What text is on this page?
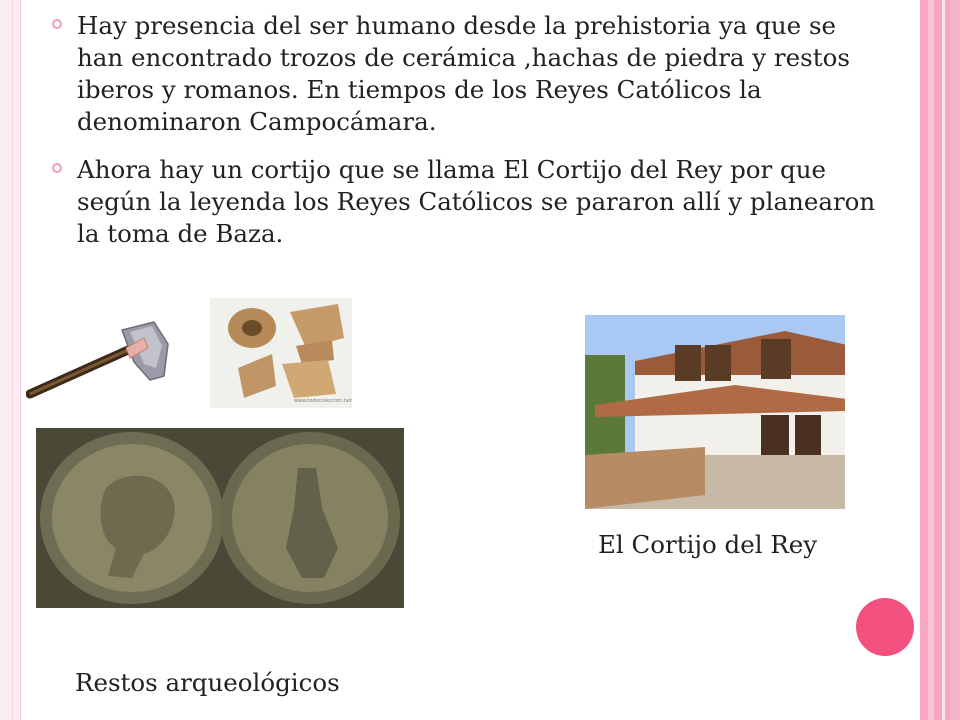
Hay presencia del ser humano desde la prehistoria ya que se han encontrado trozos de cerámica ,hachas de piedra y restos iberos y romanos. En tiempos de los Reyes Católicos la denominaron Campocámara.
Ahora hay un cortijo que se llama El Cortijo del Rey por que según la leyenda los Reyes Católicos se pararon allí y planearon la toma de Baza.
www.todocoleccion.net
El Cortijo del Rey
Restos arqueológicos
